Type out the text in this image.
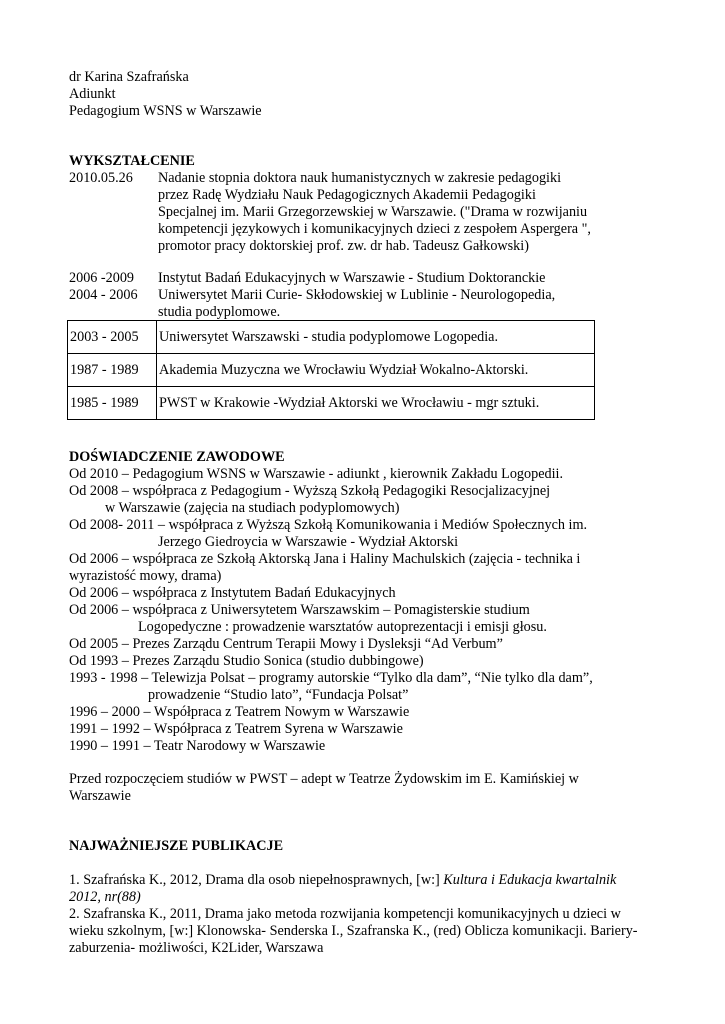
dr Karina Szafrańska
Adiunkt
Pedagogium WSNS w Warszawie
WYKSZTAŁCENIE
2010.05.26 Nadanie stopnia doktora nauk humanistycznych w zakresie pedagogiki
przez Radę Wydziału Nauk Pedagogicznych Akademii Pedagogiki
Specjalnej im. Marii Grzegorzewskiej w Warszawie. ("Drama w rozwijaniu
kompetencji językowych i komunikacyjnych dzieci z zespołem Aspergera ",
promotor pracy doktorskiej prof. zw. dr hab. Tadeusz Gałkowski)
2006 -2009 Instytut Badań Edukacyjnych w Warszawie - Studium Doktoranckie
2004 - 2006 Uniwersytet Marii Curie- Skłodowskiej w Lublinie - Neurologopedia,
studia podyplomowe.
2003 - 2005	Uniwersytet Warszawski - studia podyplomowe Logopedia.
1987 - 1989	Akademia Muzyczna we Wrocławiu Wydział Wokalno-Aktorski.
1985 - 1989	PWST w Krakowie -Wydział Aktorski we Wrocławiu - mgr sztuki.
DOŚWIADCZENIE ZAWODOWE
Od 2010 – Pedagogium WSNS w Warszawie - adiunkt , kierownik Zakładu Logopedii.
Od 2008 – współpraca z Pedagogium - Wyższą Szkołą Pedagogiki Resocjalizacyjnej
w Warszawie (zajęcia na studiach podyplomowych)
Od 2008- 2011 – współpraca z Wyższą Szkołą Komunikowania i Mediów Społecznych im.
Jerzego Giedroycia w Warszawie - Wydział Aktorski
Od 2006 – współpraca ze Szkołą Aktorską Jana i Haliny Machulskich (zajęcia - technika i
wyrazistość mowy, drama)
Od 2006 – współpraca z Instytutem Badań Edukacyjnych
Od 2006 – współpraca z Uniwersytetem Warszawskim – Pomagisterskie studium
Logopedyczne : prowadzenie warsztatów autoprezentacji i emisji głosu.
Od 2005 – Prezes Zarządu Centrum Terapii Mowy i Dysleksji “Ad Verbum”
Od 1993 – Prezes Zarządu Studio Sonica (studio dubbingowe)
1993 - 1998 – Telewizja Polsat – programy autorskie “Tylko dla dam”, “Nie tylko dla dam”,
prowadzenie “Studio lato”, “Fundacja Polsat”
1996 – 2000 – Współpraca z Teatrem Nowym w Warszawie
1991 – 1992 – Współpraca z Teatrem Syrena w Warszawie
1990 – 1991 – Teatr Narodowy w Warszawie
Przed rozpoczęciem studiów w PWST – adept w Teatrze Żydowskim im E. Kamińskiej w
Warszawie
NAJWAŻNIEJSZE PUBLIKACJE
1. Szafrańska K., 2012, Drama dla osob niepełnosprawnych, [w:] Kultura i Edukacja kwartalnik
2012, nr(88)
2. Szafranska K., 2011, Drama jako metoda rozwijania kompetencji komunikacyjnych u dzieci w
wieku szkolnym, [w:] Klonowska- Senderska I., Szafranska K., (red) Oblicza komunikacji. Bariery-
zaburzenia- możliwości, K2Lider, Warszawa
